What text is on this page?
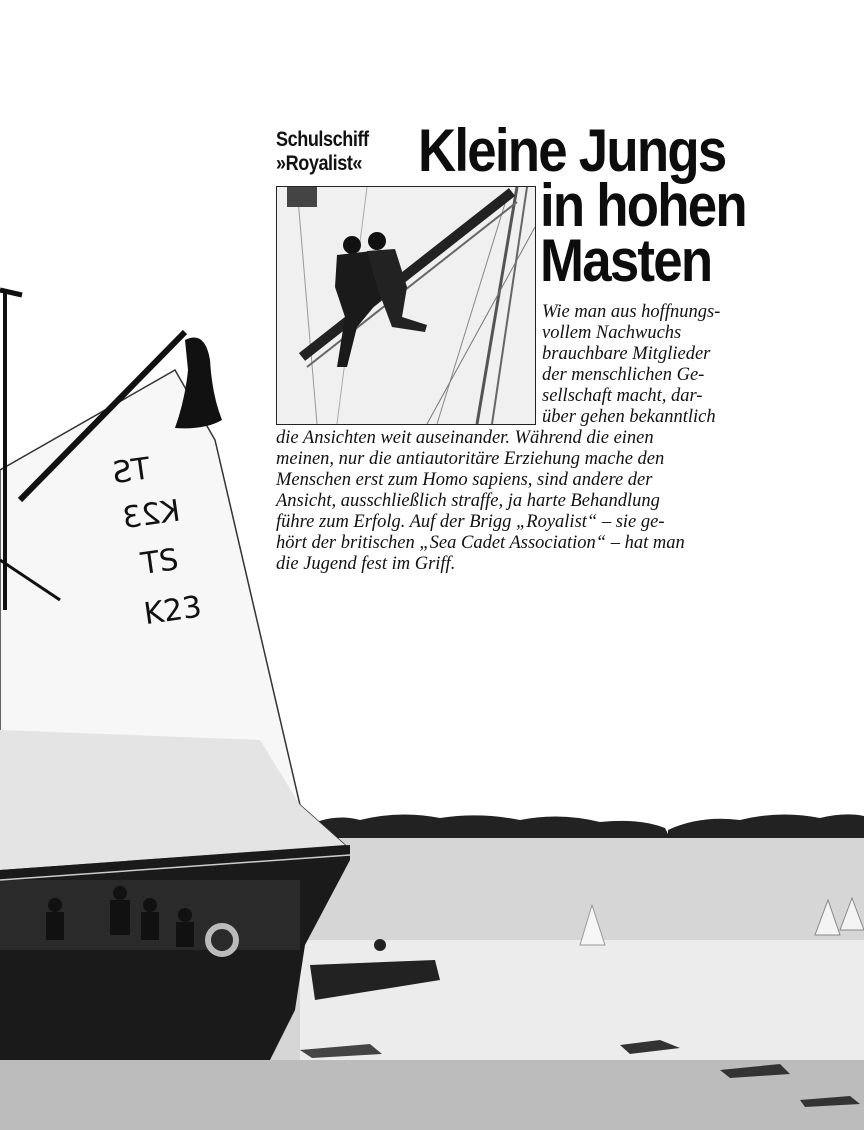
TS
K23
TS
K23
Schulschiff
»Royalist« Kleine Jungs
in hohen
Masten
Wie man aus hoffnungs-
vollem Nachwuchs
brauchbare Mitglieder
der menschlichen Ge-
sellschaft macht, dar-
über gehen bekanntlich
die Ansichten weit auseinander. Während die einen
meinen, nur die antiautoritäre Erziehung mache den
Menschen erst zum Homo sapiens, sind andere der
Ansicht, ausschließlich straffe, ja harte Behandlung
führe zum Erfolg. Auf der Brigg „Royalist“ – sie ge-
hört der britischen „Sea Cadet Association“ – hat man
die Jugend fest im Griff.
